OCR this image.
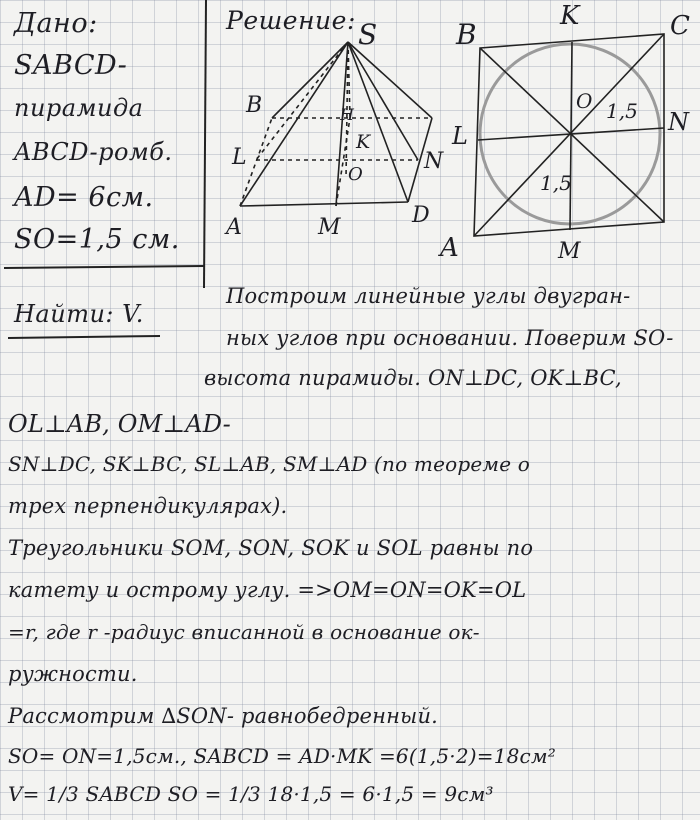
Дано:
SABCD-
пирамида
ABCD-ромб.
AD= 6см.
SO=1,5 см.
Найти: V.
Решение: S
B	H
K
L
O
N
A	M	D
B
K	C
L
O 1,5 N
1,5
A	M
Построим линейные углы двугран-
ных углов при основании. Поверим SO-
высота пирамиды. ON⊥DC, OK⊥BC,
OL⊥AB, OM⊥AD-
SN⊥DC, SK⊥BC, SL⊥AB, SM⊥AD (по теореме о
трех перпендикулярах).
Треугольники SOM, SON, SOK и SOL равны по
катету и острому углу. =>OM=ON=OK=OL
=r, где r -радиус вписанной в основание ок-
ружности.
Рассмотрим ∆SON- равнобедренный.
SO= ON=1,5см., SABCD = AD·MK =6(1,5·2)=18см²
V= 1/3 SABCD SO = 1/3 18·1,5 = 6·1,5 = 9см³
